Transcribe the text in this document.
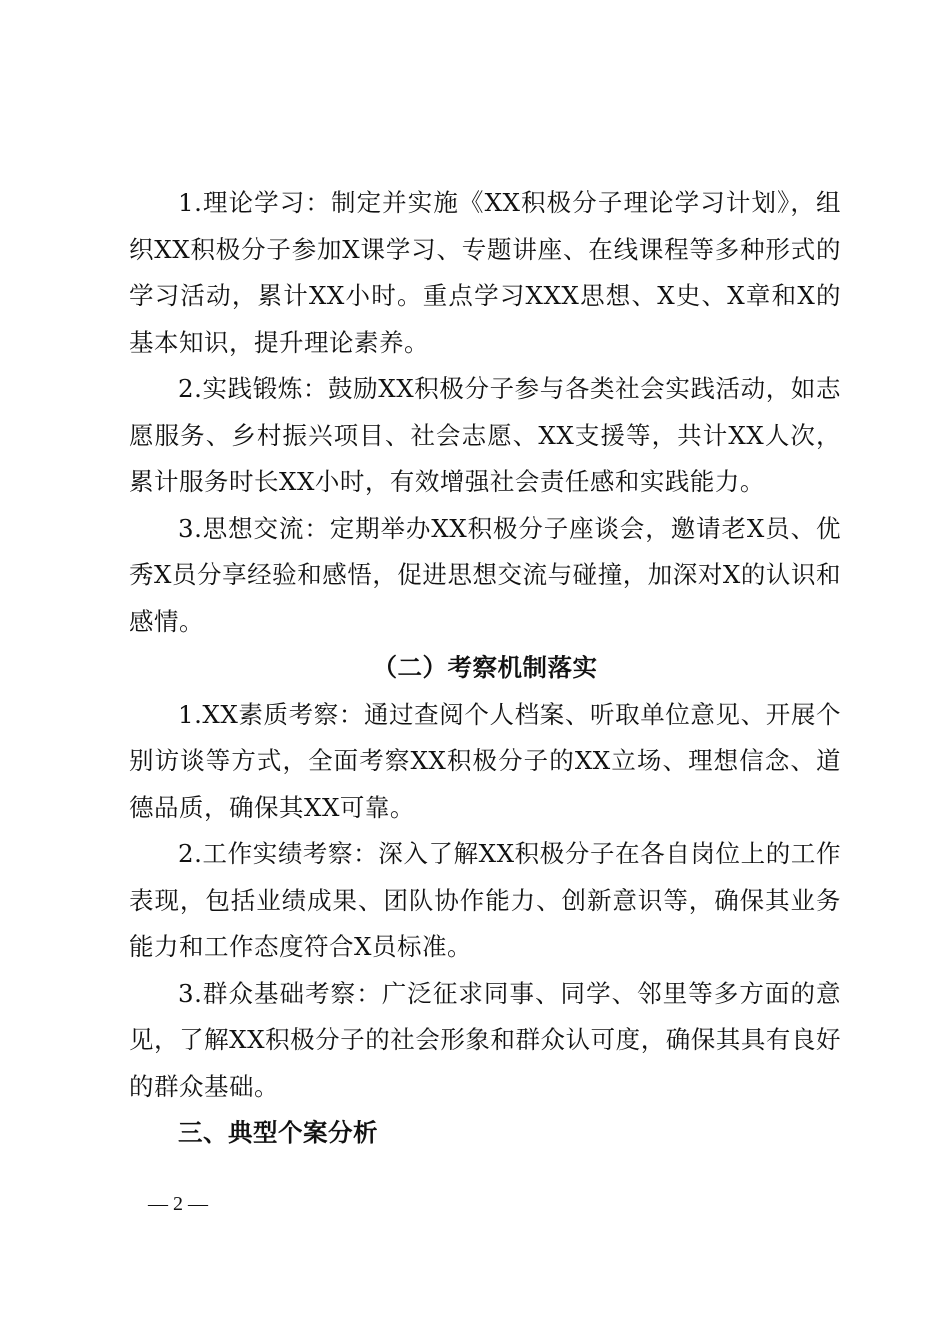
1.理论学习：制定并实施《XX积极分子理论学习计划》，组织XX积极分子参加X课学习、专题讲座、在线课程等多种形式的学习活动，累计XX小时。重点学习XXX思想、X史、X章和X的基本知识，提升理论素养。

2.实践锻炼：鼓励XX积极分子参与各类社会实践活动，如志愿服务、乡村振兴项目、社会志愿、XX支援等，共计XX人次，累计服务时长XX小时，有效增强社会责任感和实践能力。

3.思想交流：定期举办XX积极分子座谈会，邀请老X员、优秀X员分享经验和感悟，促进思想交流与碰撞，加深对X的认识和感情。

（二）考察机制落实

1.XX素质考察：通过查阅个人档案、听取单位意见、开展个别访谈等方式，全面考察XX积极分子的XX立场、理想信念、道德品质，确保其XX可靠。

2.工作实绩考察：深入了解XX积极分子在各自岗位上的工作表现，包括业绩成果、团队协作能力、创新意识等，确保其业务能力和工作态度符合X员标准。

3.群众基础考察：广泛征求同事、同学、邻里等多方面的意见，了解XX积极分子的社会形象和群众认可度，确保其具有良好的群众基础。

三、典型个案分析

— 2 —
